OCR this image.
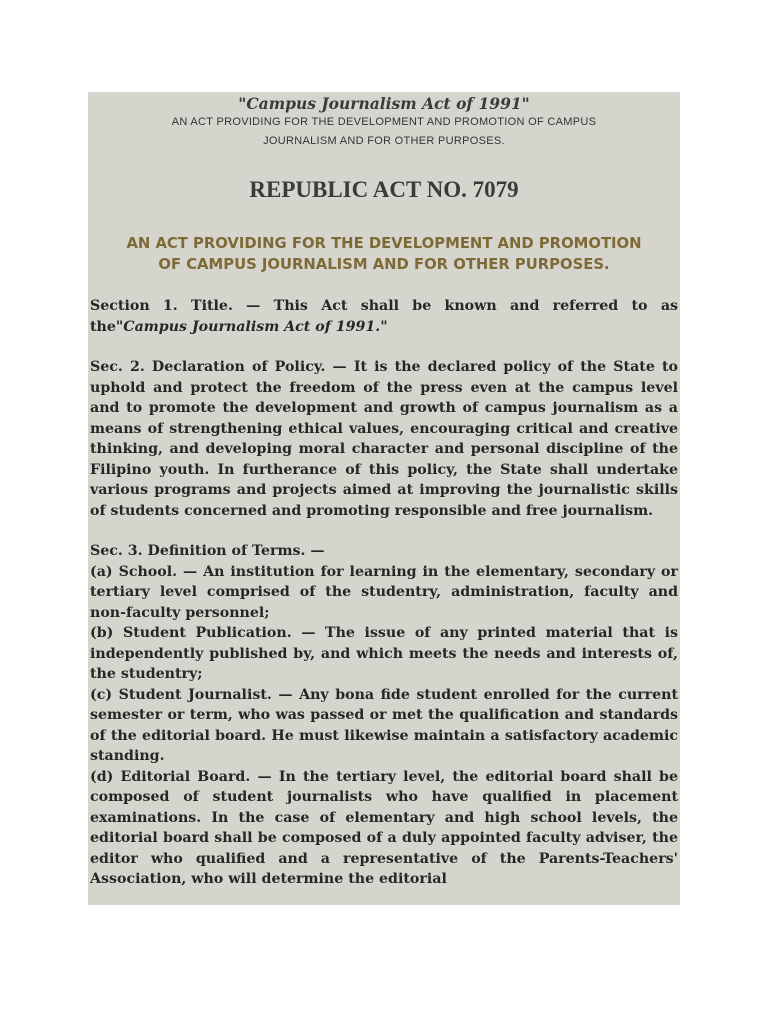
"Campus Journalism Act of 1991"
AN ACT PROVIDING FOR THE DEVELOPMENT AND PROMOTION OF CAMPUS
JOURNALISM AND FOR OTHER PURPOSES.
REPUBLIC ACT NO. 7079
AN ACT PROVIDING FOR THE DEVELOPMENT AND PROMOTION
OF CAMPUS JOURNALISM AND FOR OTHER PURPOSES.

Section 1. Title. — This Act shall be known and referred to as the"Campus Journalism Act of 1991."

Sec. 2. Declaration of Policy. — It is the declared policy of the State to uphold and protect the freedom of the press even at the campus level and to promote the development and growth of campus journalism as a means of strengthening ethical values, encouraging critical and creative thinking, and developing moral character and personal discipline of the Filipino youth. In furtherance of this policy, the State shall undertake various programs and projects aimed at improving the journalistic skills of students concerned and promoting responsible and free journalism.

Sec. 3. Definition of Terms. —

(a) School. — An institution for learning in the elementary, secondary or tertiary level comprised of the studentry, administration, faculty and non-faculty personnel;

(b) Student Publication. — The issue of any printed material that is independently published by, and which meets the needs and interests of, the studentry;

(c) Student Journalist. — Any bona fide student enrolled for the current semester or term, who was passed or met the qualification and standards of the editorial board. He must likewise maintain a satisfactory academic standing.

(d) Editorial Board. — In the tertiary level, the editorial board shall be composed of student journalists who have qualified in placement examinations. In the case of elementary and high school levels, the editorial board shall be composed of a duly appointed faculty adviser, the editor who qualified and a representative of the Parents-Teachers' Association, who will determine the editorial
